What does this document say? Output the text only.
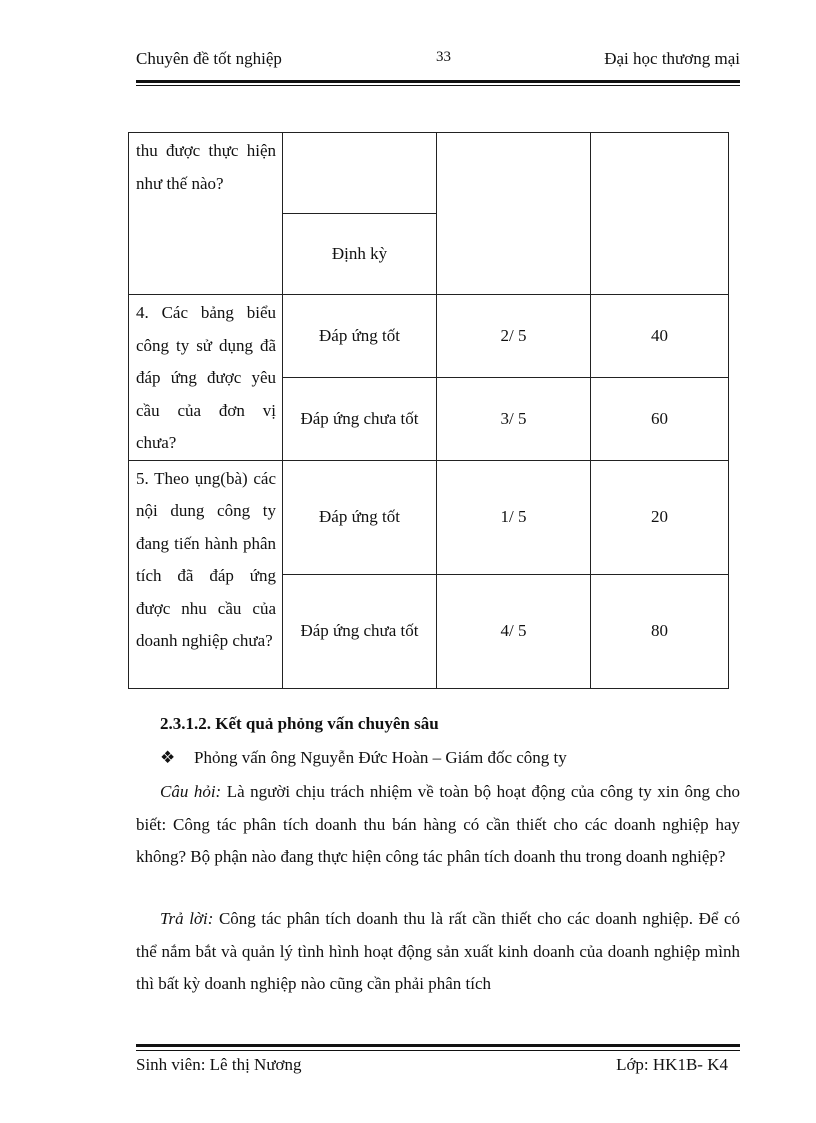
Chuyên đề tốt nghiệp	33	Đại học thương mại
thu được thực hiện như thế nào?			

	Định kỳ		

4. Các bảng biểu công ty sử dụng đã đáp ứng được yêu cầu của đơn vị chưa?	Đáp ứng tốt	2/ 5	40
	Đáp ứng chưa tốt	3/ 5	60

5. Theo ụng(bà) các nội dung công ty đang tiến hành phân tích đã đáp ứng được nhu cầu của doanh nghiệp chưa?	Đáp ứng tốt	1/ 5	20
	Đáp ứng chưa tốt	4/ 5	80
2.3.1.2. Kết quả phỏng vấn chuyên sâu
❖ Phỏng vấn ông Nguyễn Đức Hoàn – Giám đốc công ty
Câu hỏi: Là người chịu trách nhiệm về toàn bộ hoạt động của công ty xin ông cho biết: Công tác phân tích doanh thu bán hàng có cần thiết cho các doanh nghiệp hay không? Bộ phận nào đang thực hiện công tác phân tích doanh thu trong doanh nghiệp?
Trả lời: Công tác phân tích doanh thu là rất cần thiết cho các doanh nghiệp. Để có thể nắm bắt và quản lý tình hình hoạt động sản xuất kinh doanh của doanh nghiệp mình thì bất kỳ doanh nghiệp nào cũng cần phải phân tích
Sinh viên: Lê thị Nương	Lớp: HK1B- K4
